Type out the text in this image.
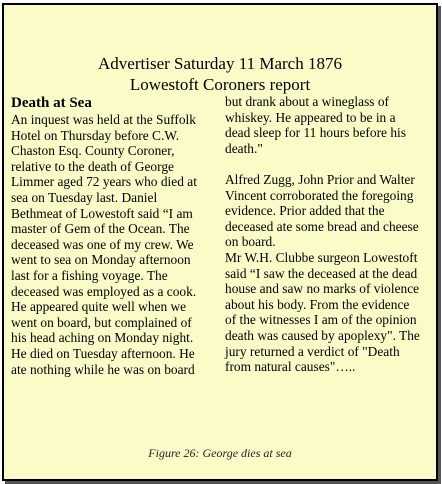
Advertiser Saturday 11 March 1876
Lowestoft Coroners report
Death at Sea
An inquest was held at the Suffolk
Hotel on Thursday before C.W.
Chaston Esq. County Coroner,
relative to the death of George
Limmer aged 72 years who died at
sea on Tuesday last. Daniel
Bethmeat of Lowestoft said “I am
master of Gem of the Ocean. The
deceased was one of my crew. We
went to sea on Monday afternoon
last for a fishing voyage. The
deceased was employed as a cook.
He appeared quite well when we
went on board, but complained of
his head aching on Monday night.
He died on Tuesday afternoon. He
ate nothing while he was on board
but drank about a wineglass of
whiskey. He appeared to be in a
dead sleep for 11 hours before his
death."
Alfred Zugg, John Prior and Walter
Vincent corroborated the foregoing
evidence. Prior added that the
deceased ate some bread and cheese
on board.
Mr W.H. Clubbe surgeon Lowestoft
said “I saw the deceased at the dead
house and saw no marks of violence
about his body. From the evidence
of the witnesses I am of the opinion
death was caused by apoplexy". The
jury returned a verdict of "Death
from natural causes"…..
Figure 26: George dies at sea
